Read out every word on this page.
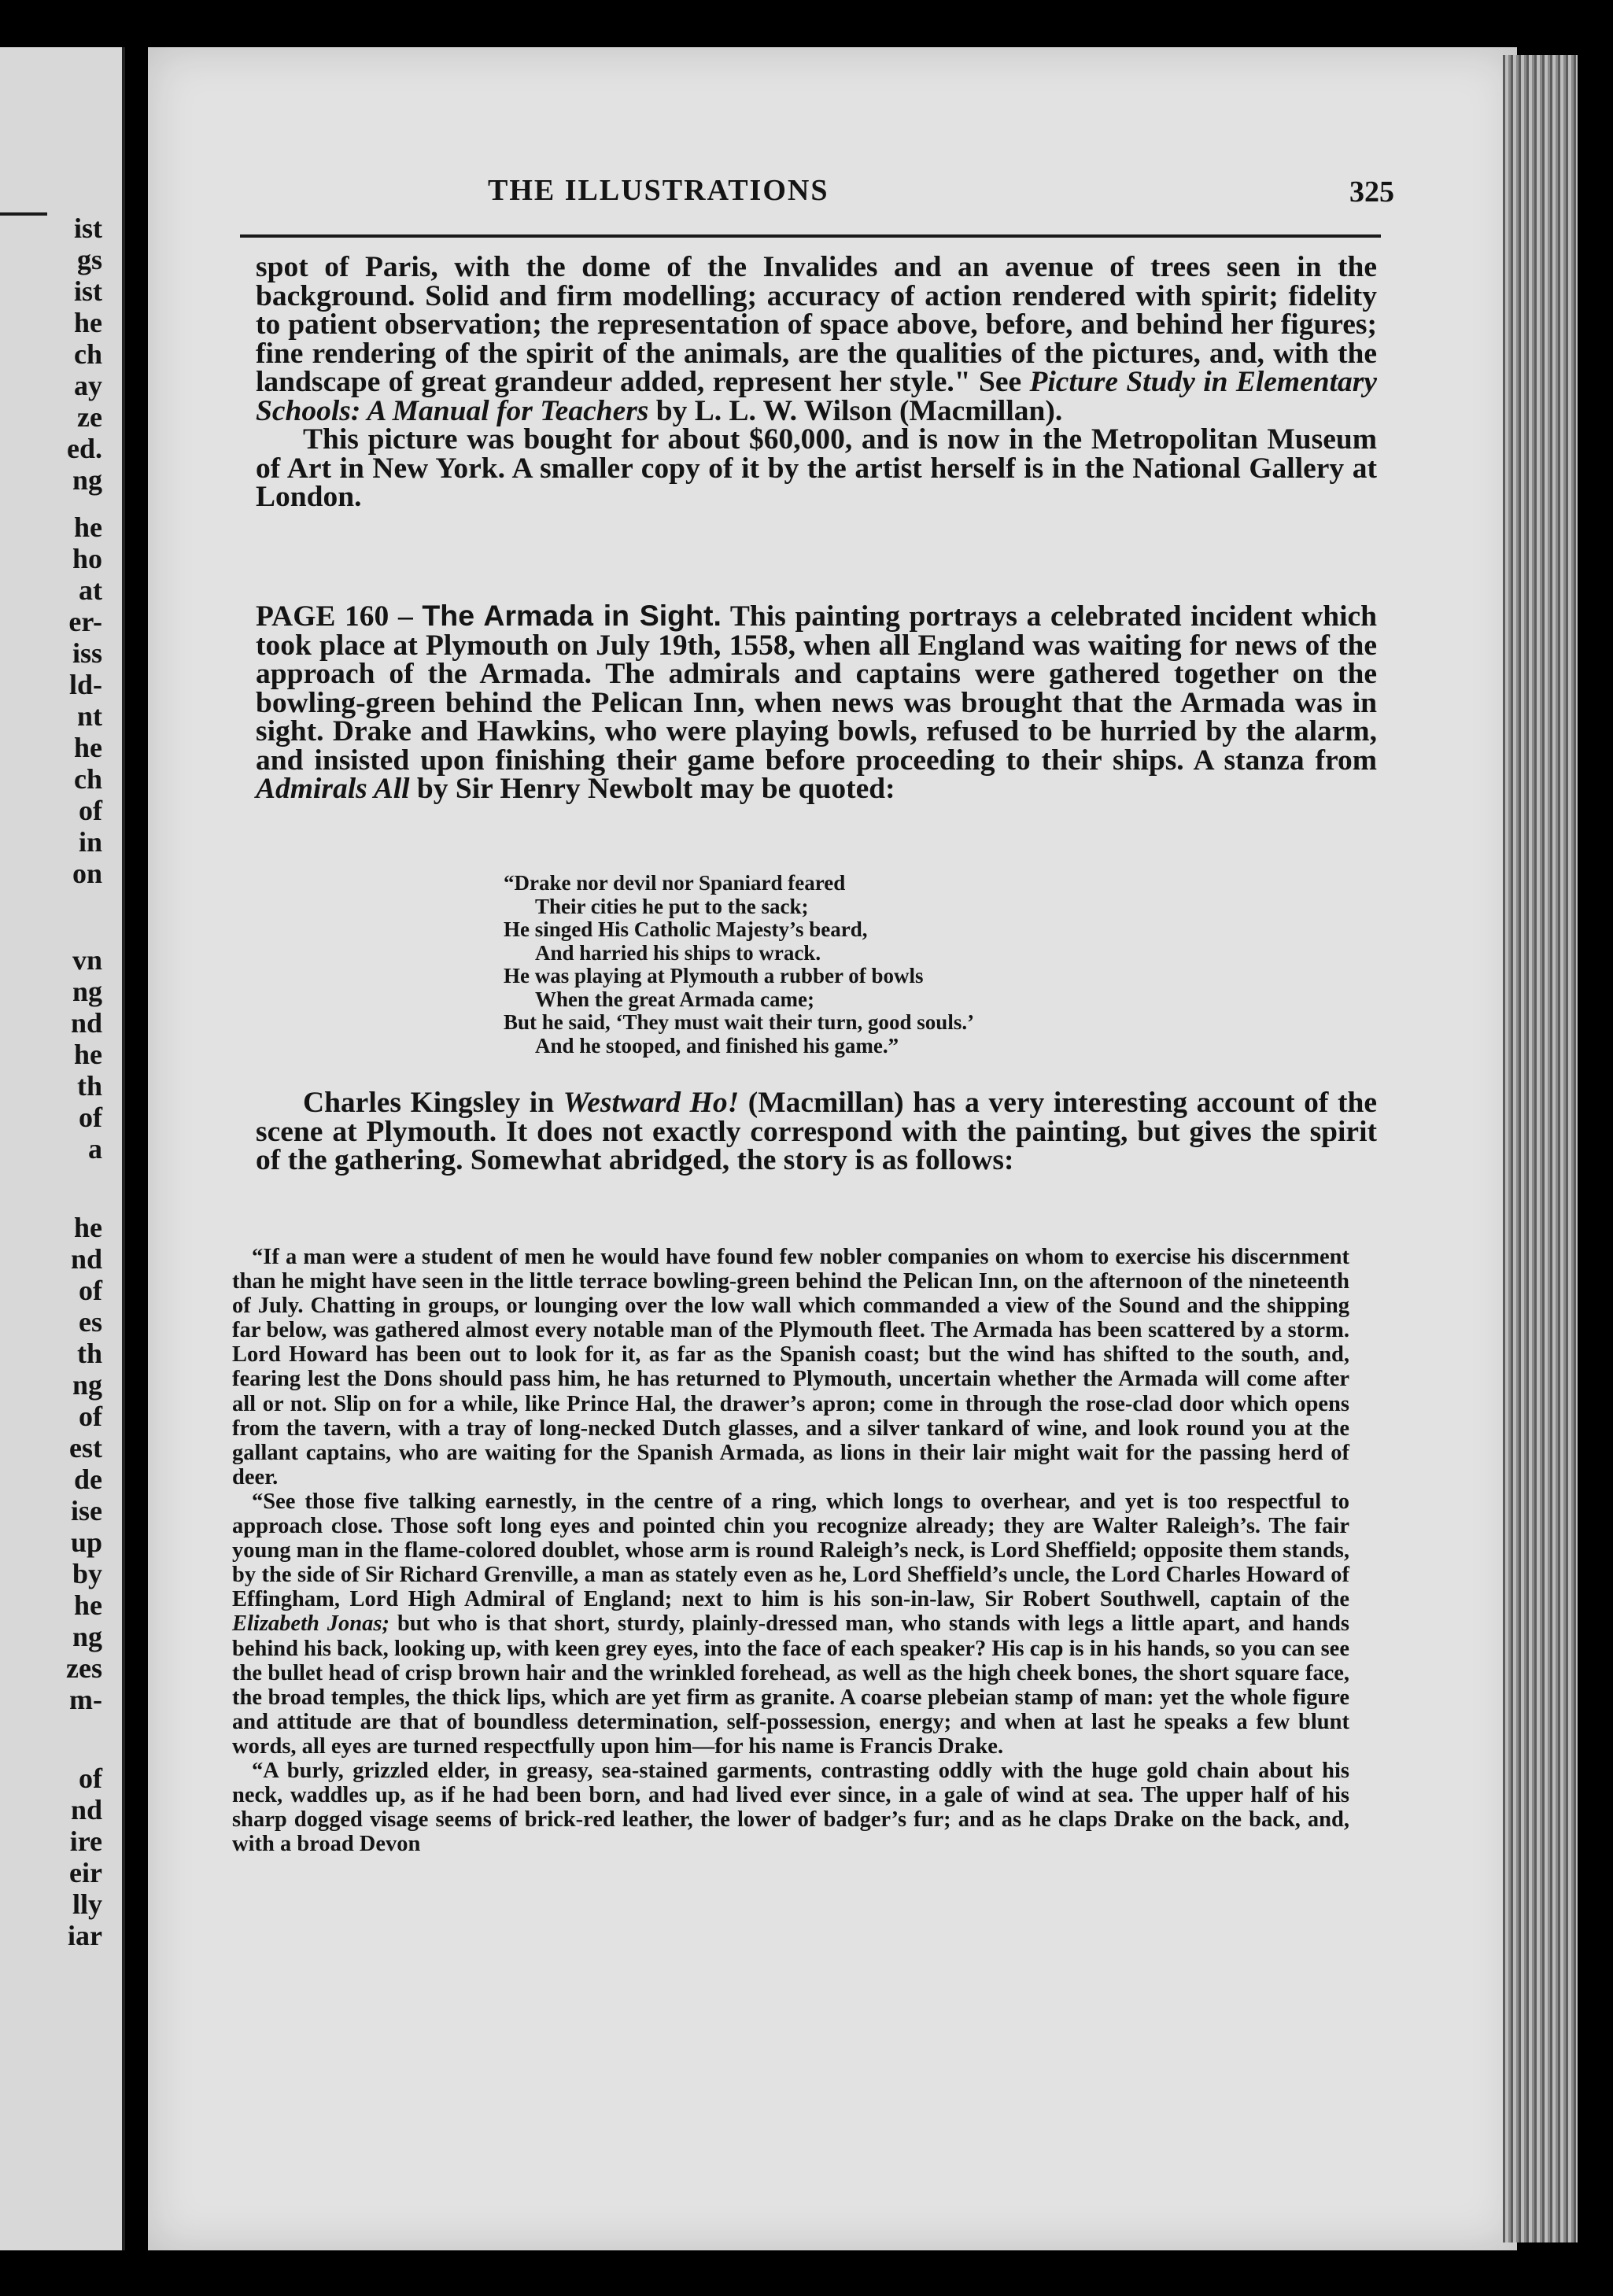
ist
gs
ist
he
ch
ay
ze
ed.
ng
he
ho
at
er-
iss
ld-
nt
he
ch
of
in
on
vn
ng
nd
he
th
of
a
he
nd
of
es
th
ng
of
est
de
ise
up
by
he
ng
zes
m-
of
nd
ire
eir
lly
iar
THE ILLUSTRATIONS	325

spot of Paris, with the dome of the Invalides and an avenue of trees seen in the background. Solid and firm modelling; accuracy of action rendered with spirit; fidelity to patient observation; the representation of space above, before, and behind her figures; fine rendering of the spirit of the animals, are the qualities of the pictures, and, with the landscape of great grandeur added, represent her style." See Picture Study in Elementary Schools: A Manual for Teachers by L. L. W. Wilson (Macmillan).

This picture was bought for about $60,000, and is now in the Metropolitan Museum of Art in New York. A smaller copy of it by the artist herself is in the National Gallery at London.

PAGE 160 – The Armada in Sight. This painting portrays a celebrated incident which took place at Plymouth on July 19th, 1558, when all England was waiting for news of the approach of the Armada. The admirals and captains were gathered together on the bowling-green behind the Pelican Inn, when news was brought that the Armada was in sight. Drake and Hawkins, who were playing bowls, refused to be hurried by the alarm, and insisted upon finishing their game before proceeding to their ships. A stanza from Admirals All by Sir Henry Newbolt may be quoted:

“Drake nor devil nor Spaniard feared
Their cities he put to the sack;
He singed His Catholic Majesty’s beard,
And harried his ships to wrack.
He was playing at Plymouth a rubber of bowls
When the great Armada came;
But he said, ‘They must wait their turn, good souls.’
And he stooped, and finished his game.”

Charles Kingsley in Westward Ho! (Macmillan) has a very interesting account of the scene at Plymouth. It does not exactly correspond with the painting, but gives the spirit of the gathering. Somewhat abridged, the story is as follows:

“If a man were a student of men he would have found few nobler companies on whom to exercise his discernment than he might have seen in the little terrace bowling-green behind the Pelican Inn, on the afternoon of the nineteenth of July. Chatting in groups, or lounging over the low wall which commanded a view of the Sound and the shipping far below, was gathered almost every notable man of the Plymouth fleet. The Armada has been scattered by a storm. Lord Howard has been out to look for it, as far as the Spanish coast; but the wind has shifted to the south, and, fearing lest the Dons should pass him, he has returned to Plymouth, uncertain whether the Armada will come after all or not. Slip on for a while, like Prince Hal, the drawer’s apron; come in through the rose-clad door which opens from the tavern, with a tray of long-necked Dutch glasses, and a silver tankard of wine, and look round you at the gallant captains, who are waiting for the Spanish Armada, as lions in their lair might wait for the passing herd of deer.

“See those five talking earnestly, in the centre of a ring, which longs to overhear, and yet is too respectful to approach close. Those soft long eyes and pointed chin you recognize already; they are Walter Raleigh’s. The fair young man in the flame-colored doublet, whose arm is round Raleigh’s neck, is Lord Sheffield; opposite them stands, by the side of Sir Richard Grenville, a man as stately even as he, Lord Sheffield’s uncle, the Lord Charles Howard of Effingham, Lord High Admiral of England; next to him is his son-in-law, Sir Robert Southwell, captain of the Elizabeth Jonas; but who is that short, sturdy, plainly-dressed man, who stands with legs a little apart, and hands behind his back, looking up, with keen grey eyes, into the face of each speaker? His cap is in his hands, so you can see the bullet head of crisp brown hair and the wrinkled forehead, as well as the high cheek bones, the short square face, the broad temples, the thick lips, which are yet firm as granite. A coarse plebeian stamp of man: yet the whole figure and attitude are that of boundless determination, self-possession, energy; and when at last he speaks a few blunt words, all eyes are turned respectfully upon him—for his name is Francis Drake.

“A burly, grizzled elder, in greasy, sea-stained garments, contrasting oddly with the huge gold chain about his neck, waddles up, as if he had been born, and had lived ever since, in a gale of wind at sea. The upper half of his sharp dogged visage seems of brick-red leather, the lower of badger’s fur; and as he claps Drake on the back, and, with a broad Devon
